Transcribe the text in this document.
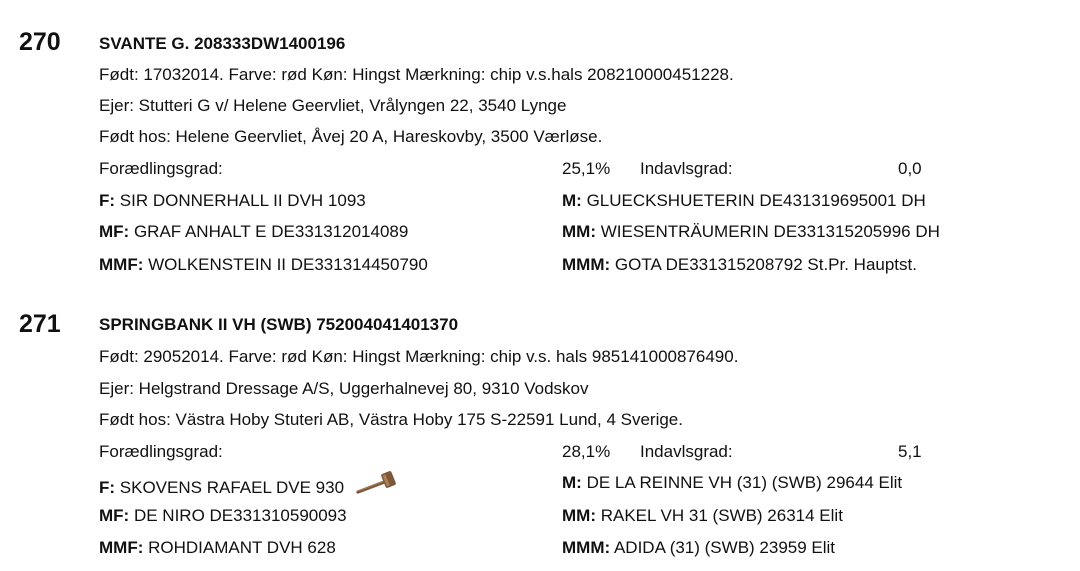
270 SVANTE G. 208333DW1400196
Født: 17032014. Farve: rød Køn: Hingst Mærkning: chip v.s.hals 208210000451228.
Ejer: Stutteri G v/ Helene Geervliet, Vrålyngen 22, 3540 Lynge
Født hos: Helene Geervliet, Åvej 20 A, Hareskovby, 3500 Værløse.
Forædlingsgrad:	25,1% Indavlsgrad:	0,0
F: SIR DONNERHALL II DVH 1093	M: GLUECKSHUETERIN DE431319695001 DH
MF: GRAF ANHALT E DE331312014089	MM: WIESENTRÄUMERIN DE331315205996 DH
MMF: WOLKENSTEIN II DE331314450790	MMM: GOTA DE331315208792 St.Pr. Hauptst.
271 SPRINGBANK II VH (SWB) 752004041401370
Født: 29052014. Farve: rød Køn: Hingst Mærkning: chip v.s. hals 985141000876490.
Ejer: Helgstrand Dressage A/S, Uggerhalnevej 80, 9310 Vodskov
Født hos: Västra Hoby Stuteri AB, Västra Hoby 175 S-22591 Lund, 4 Sverige.
Forædlingsgrad:	28,1% Indavlsgrad:	5,1
F: SKOVENS RAFAEL DVE 930	M: DE LA REINNE VH (31) (SWB) 29644 Elit
MF: DE NIRO DE331310590093	MM: RAKEL VH 31 (SWB) 26314 Elit
MMF: ROHDIAMANT DVH 628	MMM: ADIDA (31) (SWB) 23959 Elit
